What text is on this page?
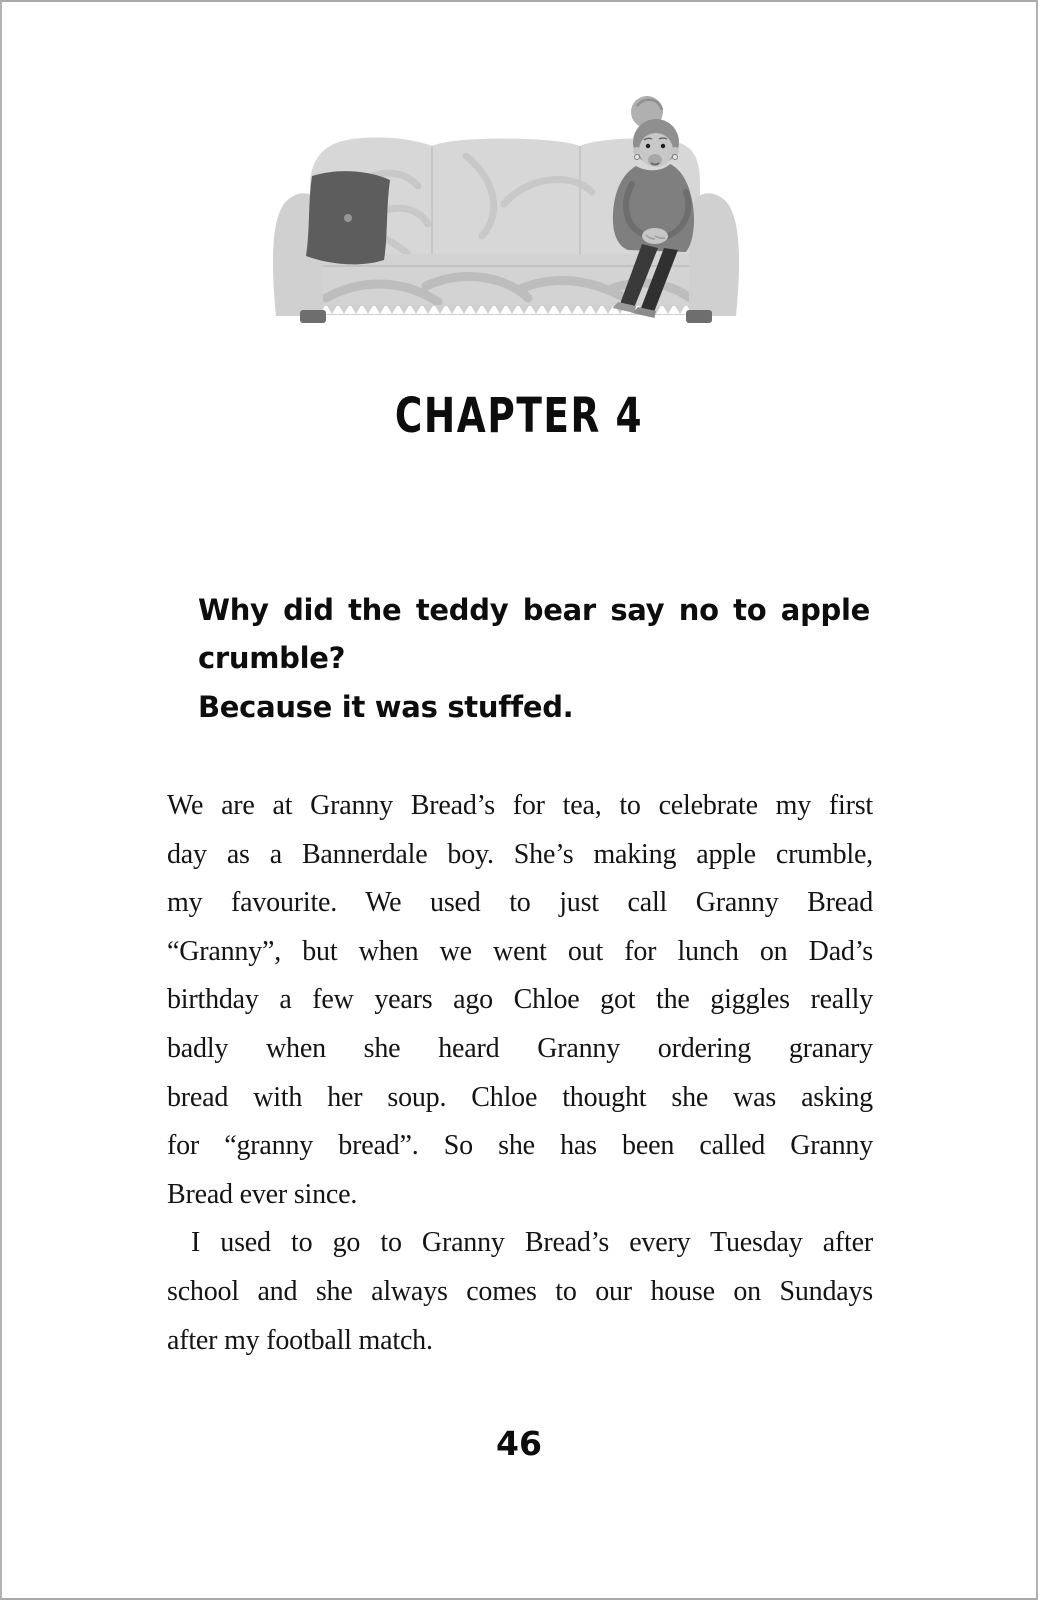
CHAPTER 4
Why did the teddy bear say no to apple
crumble?
Because it was stuffed.
We are at Granny Bread’s for tea, to celebrate my first
day as a Bannerdale boy. She’s making apple crumble,
my favourite. We used to just call Granny Bread
“Granny”, but when we went out for lunch on Dad’s
birthday a few years ago Chloe got the giggles really
badly when she heard Granny ordering granary
bread with her soup. Chloe thought she was asking
for “granny bread”. So she has been called Granny
Bread ever since.
I used to go to Granny Bread’s every Tuesday after
school and she always comes to our house on Sundays
after my football match.
46
